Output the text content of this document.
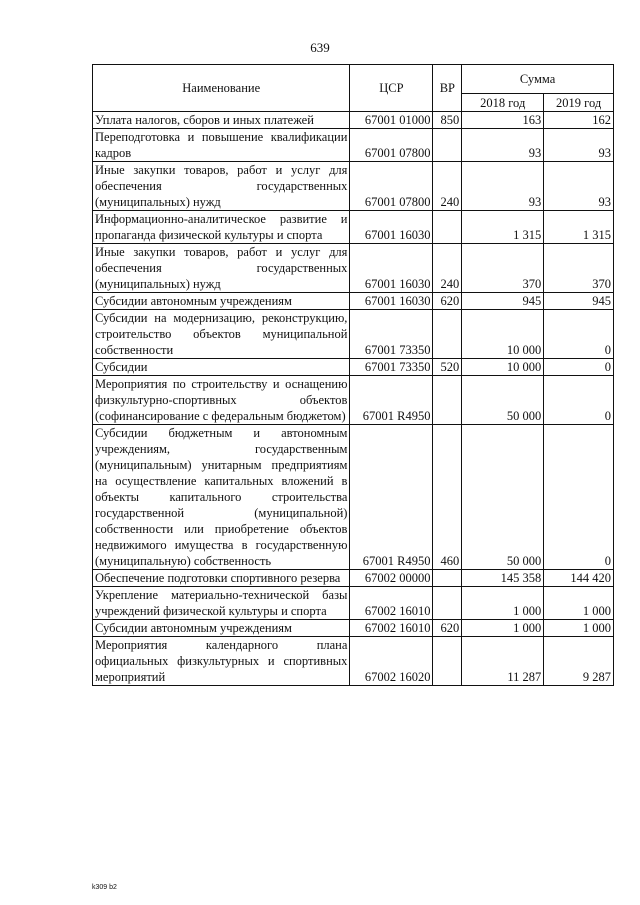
639
Наименование	ЦСР	ВР	Сумма	
			2018 год	2019 год
Уплата налогов, сборов и иных платежей	67001 01000	850	163	162
Переподготовка и повышение квалификации кадров	67001 07800		93	93
Иные закупки товаров, работ и услуг для обеспечения государственных (муниципальных) нужд	67001 07800	240	93	93
Информационно-аналитическое развитие и пропаганда физической культуры и спорта	67001 16030		1 315	1 315
Иные закупки товаров, работ и услуг для обеспечения государственных (муниципальных) нужд	67001 16030	240	370	370
Субсидии автономным учреждениям	67001 16030	620	945	945
Субсидии на модернизацию, реконструкцию, строительство объектов муниципальной собственности	67001 73350		10 000	0
Субсидии	67001 73350	520	10 000	0
Мероприятия по строительству и оснащению физкультурно-спортивных объектов (софинансирование с федеральным бюджетом)	67001 R4950		50 000	0
Субсидии бюджетным и автономным учреждениям, государственным (муниципальным) унитарным предприятиям на осуществление капитальных вложений в объекты капитального строительства государственной (муниципальной) собственности или приобретение объектов недвижимого имущества в государственную (муниципальную) собственность	67001 R4950	460	50 000	0
Обеспечение подготовки спортивного резерва	67002 00000		145 358	144 420
Укрепление материально-технической базы учреждений физической культуры и спорта	67002 16010		1 000	1 000
Субсидии автономным учреждениям	67002 16010	620	1 000	1 000
Мероприятия календарного плана официальных физкультурных и спортивных мероприятий	67002 16020		11 287	9 287
k309 b2
